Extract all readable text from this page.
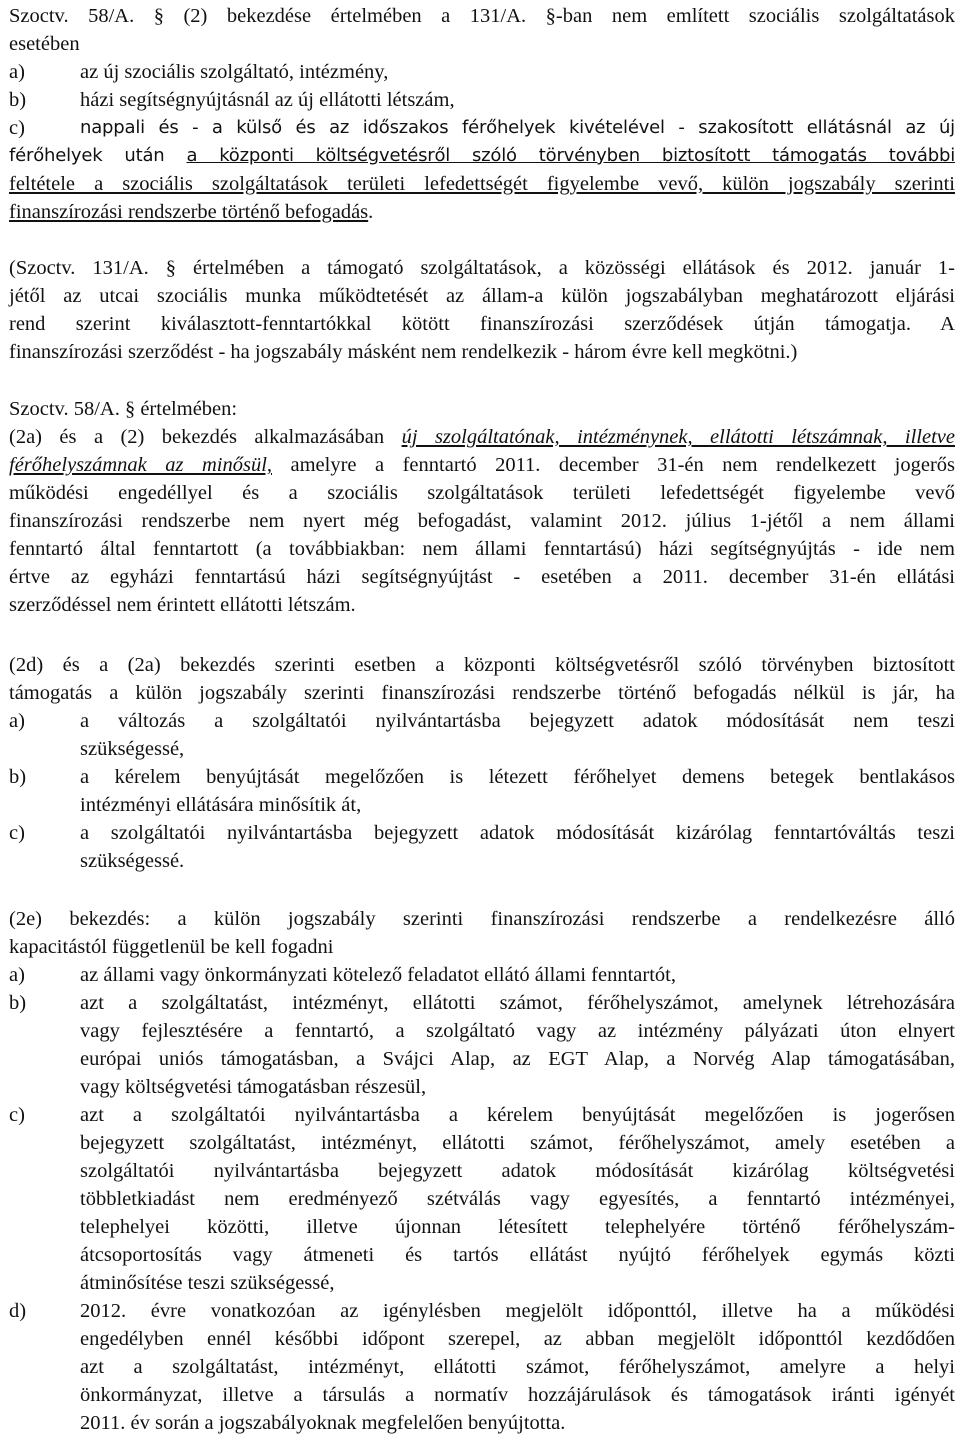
Szoctv. 58/A. § (2) bekezdése értelmében a 131/A. §-ban nem említett szociális szolgáltatások
esetében
a)	az új szociális szolgáltató, intézmény,
b)	házi segítségnyújtásnál az új ellátotti létszám,
c)	nappali és - a külső és az időszakos férőhelyek kivételével - szakosított ellátásnál az új
férőhelyek után a központi költségvetésről szóló törvényben biztosított támogatás további
feltétele a szociális szolgáltatások területi lefedettségét figyelembe vevő, külön jogszabály szerinti
finanszírozási rendszerbe történő befogadás.
(Szoctv. 131/A. § értelmében a támogató szolgáltatások, a közösségi ellátások és 2012. január 1-
jétől az utcai szociális munka működtetését az állam-a külön jogszabályban meghatározott eljárási
rend szerint kiválasztott-fenntartókkal kötött finanszírozási szerződések útján támogatja. A
finanszírozási szerződést - ha jogszabály másként nem rendelkezik - három évre kell megkötni.)
Szoctv. 58/A. § értelmében:
(2a) és a (2) bekezdés alkalmazásában új szolgáltatónak, intézménynek, ellátotti létszámnak, illetve
férőhelyszámnak az minősül, amelyre a fenntartó 2011. december 31-én nem rendelkezett jogerős
működési engedéllyel és a szociális szolgáltatások területi lefedettségét figyelembe vevő
finanszírozási rendszerbe nem nyert még befogadást, valamint 2012. július 1-jétől a nem állami
fenntartó által fenntartott (a továbbiakban: nem állami fenntartású) házi segítségnyújtás - ide nem
értve az egyházi fenntartású házi segítségnyújtást - esetében a 2011. december 31-én ellátási
szerződéssel nem érintett ellátotti létszám.
(2d) és a (2a) bekezdés szerinti esetben a központi költségvetésről szóló törvényben biztosított
támogatás a külön jogszabály szerinti finanszírozási rendszerbe történő befogadás nélkül is jár, ha
a)	a változás a szolgáltatói nyilvántartásba bejegyzett adatok módosítását nem teszi
szükségessé,
b)	a kérelem benyújtását megelőzően is létezett férőhelyet demens betegek bentlakásos
intézményi ellátására minősítik át,
c)	a szolgáltatói nyilvántartásba bejegyzett adatok módosítását kizárólag fenntartóváltás teszi
szükségessé.
(2e) bekezdés: a külön jogszabály szerinti finanszírozási rendszerbe a rendelkezésre álló
kapacitástól függetlenül be kell fogadni
a)	az állami vagy önkormányzati kötelező feladatot ellátó állami fenntartót,
b)	azt a szolgáltatást, intézményt, ellátotti számot, férőhelyszámot, amelynek létrehozására
vagy fejlesztésére a fenntartó, a szolgáltató vagy az intézmény pályázati úton elnyert
európai uniós támogatásban, a Svájci Alap, az EGT Alap, a Norvég Alap támogatásában,
vagy költségvetési támogatásban részesül,
c)	azt a szolgáltatói nyilvántartásba a kérelem benyújtását megelőzően is jogerősen
bejegyzett szolgáltatást, intézményt, ellátotti számot, férőhelyszámot, amely esetében a
szolgáltatói nyilvántartásba bejegyzett adatok módosítását kizárólag költségvetési
többletkiadást nem eredményező szétválás vagy egyesítés, a fenntartó intézményei,
telephelyei közötti, illetve újonnan létesített telephelyére történő férőhelyszám-
átcsoportosítás vagy átmeneti és tartós ellátást nyújtó férőhelyek egymás közti
átminősítése teszi szükségessé,
d)	2012. évre vonatkozóan az igénylésben megjelölt időponttól, illetve ha a működési
engedélyben ennél későbbi időpont szerepel, az abban megjelölt időponttól kezdődően
azt a szolgáltatást, intézményt, ellátotti számot, férőhelyszámot, amelyre a helyi
önkormányzat, illetve a társulás a normatív hozzájárulások és támogatások iránti igényét
2011. év során a jogszabályoknak megfelelően benyújtotta.
